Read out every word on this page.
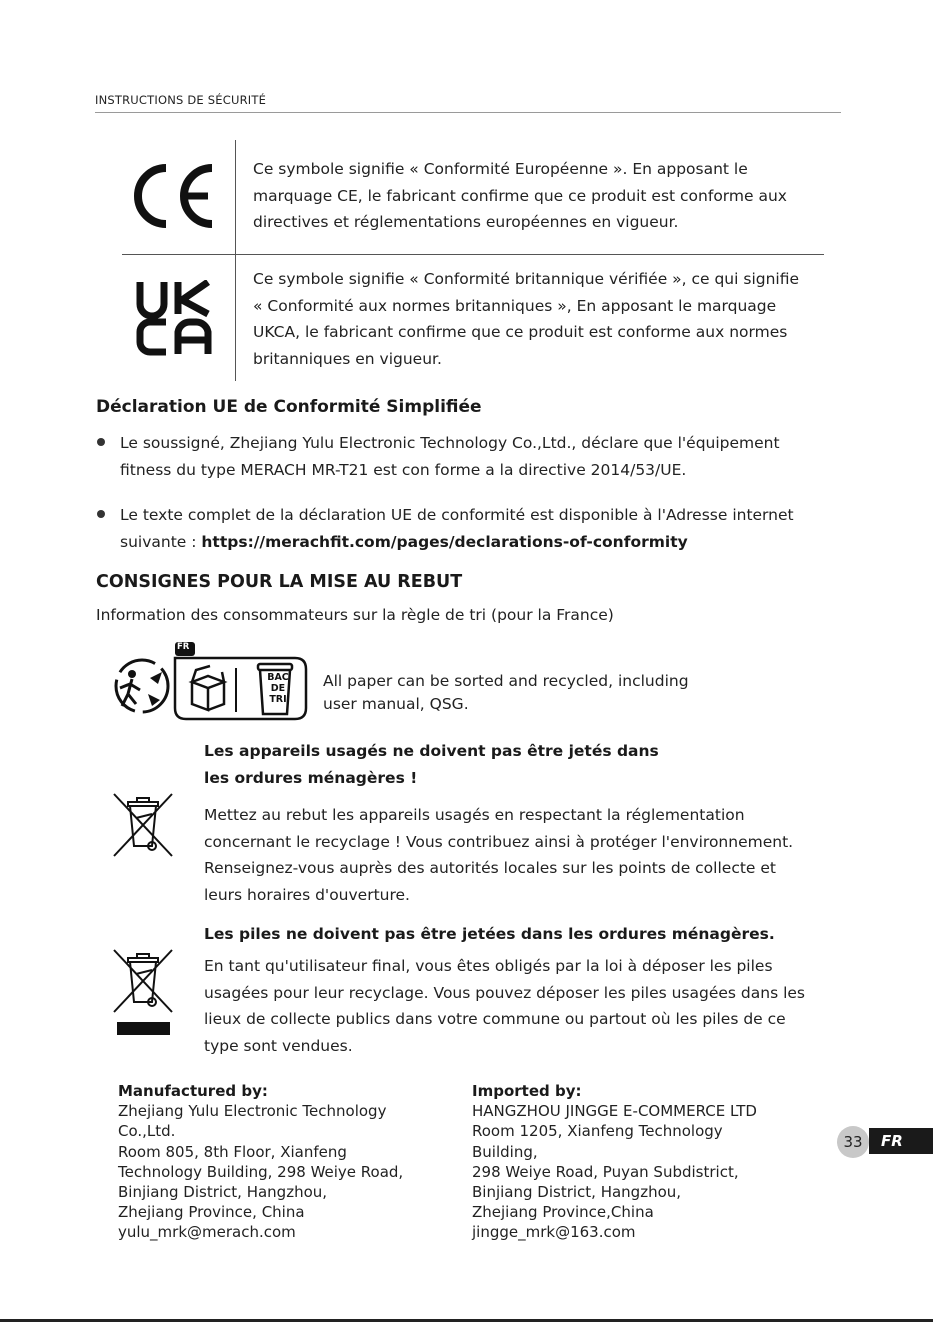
INSTRUCTIONS DE SÉCURITÉ
Ce symbole signifie « Conformité Européenne ». En apposant le marquage CE, le fabricant confirme que ce produit est conforme aux directives et réglementations européennes en vigueur.
Ce symbole signifie « Conformité britannique vérifiée », ce qui signifie « Conformité aux normes britanniques », En apposant le marquage UKCA, le fabricant confirme que ce produit est conforme aux normes britanniques en vigueur.
Déclaration UE de Conformité Simplifiée
Le soussigné, Zhejiang Yulu Electronic Technology Co.,Ltd., déclare que l'équipement fitness du type MERACH MR-T21 est con forme a la directive 2014/53/UE.
Le texte complet de la déclaration UE de conformité est disponible à l'Adresse internet suivante : https://merachfit.com/pages/declarations-of-conformity
CONSIGNES POUR LA MISE AU REBUT
Information des consommateurs sur la règle de tri (pour la France)
FR
BAC
DE
TRI
All paper can be sorted and recycled, including
user manual, QSG.
Les appareils usagés ne doivent pas être jetés dans les ordures ménagères !
Mettez au rebut les appareils usagés en respectant la réglementation concernant le recyclage ! Vous contribuez ainsi à protéger l'environnement. Renseignez-vous auprès des autorités locales sur les points de collecte et leurs horaires d'ouverture.
Les piles ne doivent pas être jetées dans les ordures ménagères.
En tant qu'utilisateur final, vous êtes obligés par la loi à déposer les piles usagées pour leur recyclage. Vous pouvez déposer les piles usagées dans les lieux de collecte publics dans votre commune ou partout où les piles de ce type sont vendues.
Manufactured by:
Zhejiang Yulu Electronic Technology
Co.,Ltd.
Room 805, 8th Floor, Xianfeng
Technology Building, 298 Weiye Road,
Binjiang District, Hangzhou,
Zhejiang Province, China
yulu_mrk@merach.com
Imported by:
HANGZHOU JINGGE E-COMMERCE LTD
Room 1205, Xianfeng Technology
Building,
298 Weiye Road, Puyan Subdistrict,
Binjiang District, Hangzhou,
Zhejiang Province,China
jingge_mrk@163.com
FR
33
